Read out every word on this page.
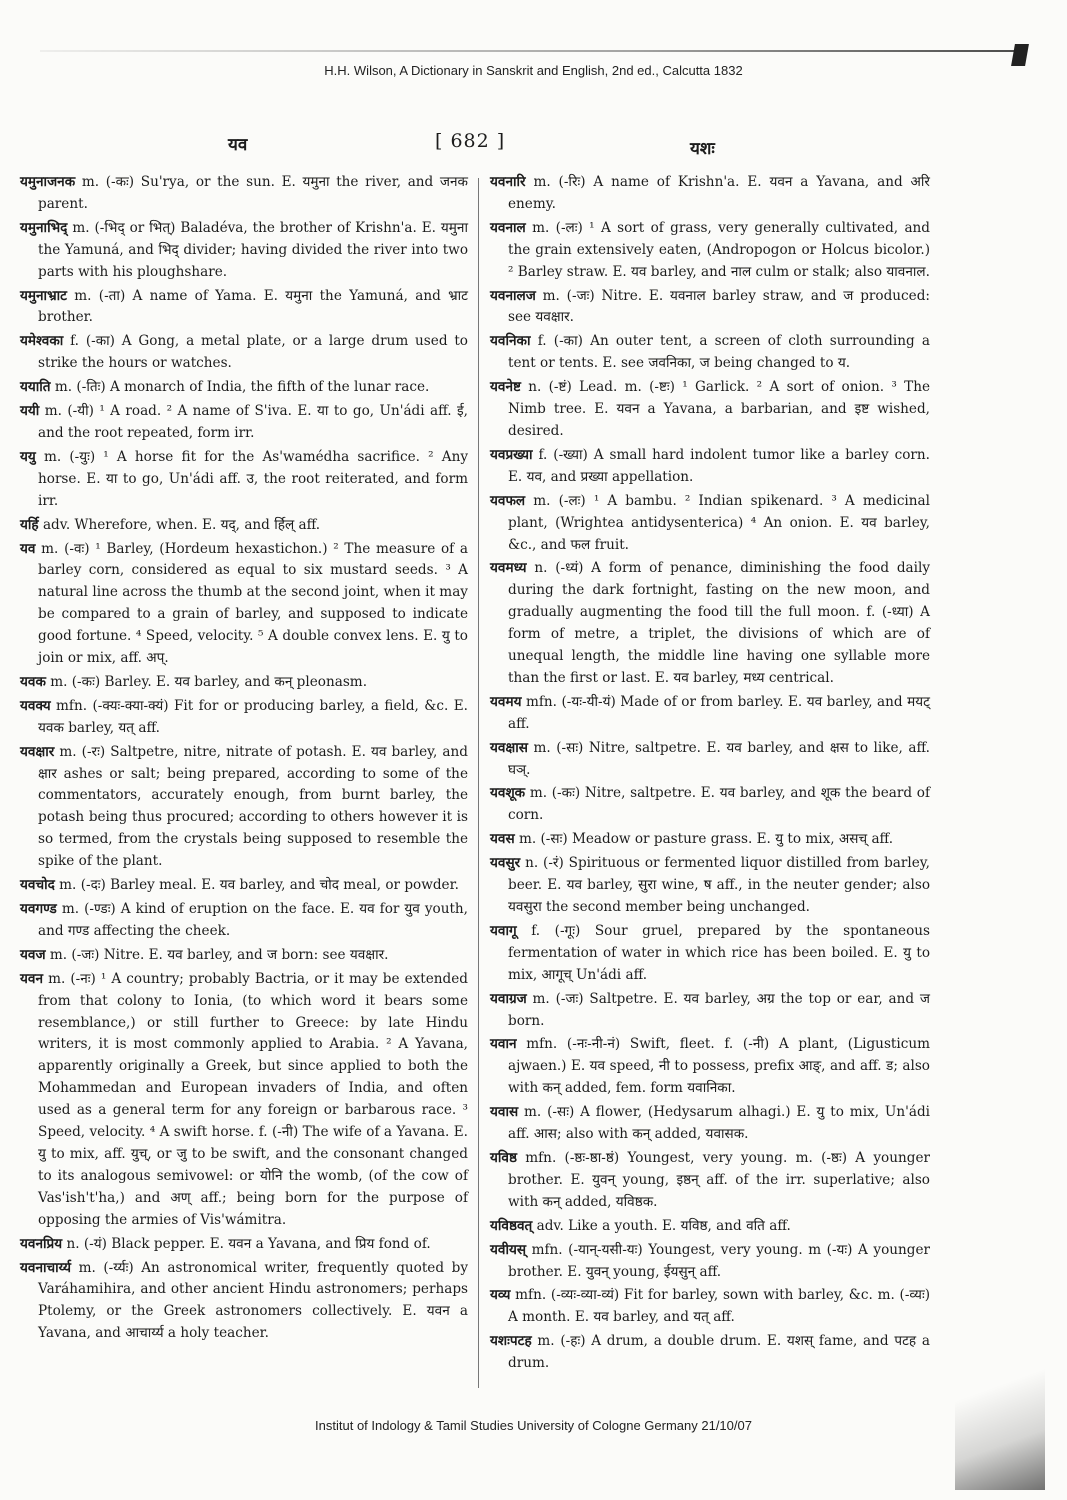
H.H. Wilson, A Dictionary in Sanskrit and English, 2nd ed., Calcutta 1832
यव	[ 682 ]	यशः

यमुनाजनक m. (-कः) Su'rya, or the sun. E. यमुना the river, and जनक parent.

यमुनाभिद् m. (-भिद् or भित्) Baladéva, the brother of Krishn'a. E. यमुना the Yamuná, and भिद् divider; having divided the river into two parts with his ploughshare.

यमुनाभ्राट m. (-ता) A name of Yama. E. यमुना the Yamuná, and भ्राट brother.

यमेश्वका f. (-का) A Gong, a metal plate, or a large drum used to strike the hours or watches.

ययाति m. (-तिः) A monarch of India, the fifth of the lunar race.

ययी m. (-यी) ¹ A road. ² A name of S'iva. E. या to go, Un'ádi aff. ई, and the root repeated, form irr.

ययु m. (-युः) ¹ A horse fit for the As'wamédha sacrifice. ² Any horse. E. या to go, Un'ádi aff. उ, the root reiterated, and form irr.

यर्हि adv. Wherefore, when. E. यद्, and र्हिल् aff.

यव m. (-वः) ¹ Barley, (Hordeum hexastichon.) ² The measure of a barley corn, considered as equal to six mustard seeds. ³ A natural line across the thumb at the second joint, when it may be compared to a grain of barley, and supposed to indicate good fortune. ⁴ Speed, velocity. ⁵ A double convex lens. E. यु to join or mix, aff. अप्.

यवक m. (-कः) Barley. E. यव barley, and कन् pleonasm.

यवक्य mfn. (-क्यः-क्या-क्यं) Fit for or producing barley, a field, &c. E. यवक barley, यत् aff.

यवक्षार m. (-रः) Saltpetre, nitre, nitrate of potash. E. यव barley, and क्षार ashes or salt; being prepared, according to some of the commentators, accurately enough, from burnt barley, the potash being thus procured; according to others however it is so termed, from the crystals being supposed to resemble the spike of the plant.

यवचोद m. (-दः) Barley meal. E. यव barley, and चोद meal, or powder.

यवगण्ड m. (-ण्डः) A kind of eruption on the face. E. यव for युव youth, and गण्ड affecting the cheek.

यवज m. (-जः) Nitre. E. यव barley, and ज born: see यवक्षार.

यवन m. (-नः) ¹ A country; probably Bactria, or it may be extended from that colony to Ionia, (to which word it bears some resemblance,) or still further to Greece: by late Hindu writers, it is most commonly applied to Arabia. ² A Yavana, apparently originally a Greek, but since applied to both the Mohammedan and European invaders of India, and often used as a general term for any foreign or barbarous race. ³ Speed, velocity. ⁴ A swift horse. f. (-नी) The wife of a Yavana. E. यु to mix, aff. युच्, or जु to be swift, and the consonant changed to its analogous semivowel: or योनि the womb, (of the cow of Vas'ish't'ha,) and अण् aff.; being born for the purpose of opposing the armies of Vis'wámitra.

यवनप्रिय n. (-यं) Black pepper. E. यवन a Yavana, and प्रिय fond of.

यवनाचार्य्य m. (-र्य्यः) An astronomical writer, frequently quoted by Varáhamihira, and other ancient Hindu astronomers; perhaps Ptolemy, or the Greek astronomers collectively. E. यवन a Yavana, and आचार्य्य a holy teacher.

यवनारि m. (-रिः) A name of Krishn'a. E. यवन a Yavana, and अरि enemy.

यवनाल m. (-लः) ¹ A sort of grass, very generally cultivated, and the grain extensively eaten, (Andropogon or Holcus bicolor.) ² Barley straw. E. यव barley, and नाल culm or stalk; also यावनाल.

यवनालज m. (-जः) Nitre. E. यवनाल barley straw, and ज produced: see यवक्षार.

यवनिका f. (-का) An outer tent, a screen of cloth surrounding a tent or tents. E. see जवनिका, ज being changed to य.

यवनेष्ट n. (-ष्टं) Lead. m. (-ष्टः) ¹ Garlick. ² A sort of onion. ³ The Nimb tree. E. यवन a Yavana, a barbarian, and इष्ट wished, desired.

यवप्रख्या f. (-ख्या) A small hard indolent tumor like a barley corn. E. यव, and प्रख्या appellation.

यवफल m. (-लः) ¹ A bambu. ² Indian spikenard. ³ A medicinal plant, (Wrightea antidysenterica) ⁴ An onion. E. यव barley, &c., and फल fruit.

यवमध्य n. (-ध्यं) A form of penance, diminishing the food daily during the dark fortnight, fasting on the new moon, and gradually augmenting the food till the full moon. f. (-ध्या) A form of metre, a triplet, the divisions of which are of unequal length, the middle line having one syllable more than the first or last. E. यव barley, मध्य centrical.

यवमय mfn. (-यः-यी-यं) Made of or from barley. E. यव barley, and मयट् aff.

यवक्षास m. (-सः) Nitre, saltpetre. E. यव barley, and क्षस to like, aff. घञ्.

यवशूक m. (-कः) Nitre, saltpetre. E. यव barley, and शूक the beard of corn.

यवस m. (-सः) Meadow or pasture grass. E. यु to mix, असच् aff.

यवसुर n. (-रं) Spirituous or fermented liquor distilled from barley, beer. E. यव barley, सुरा wine, ष aff., in the neuter gender; also यवसुरा the second member being unchanged.

यवागू f. (-गूः) Sour gruel, prepared by the spontaneous fermentation of water in which rice has been boiled. E. यु to mix, आगूच् Un'ádi aff.

यवाग्रज m. (-जः) Saltpetre. E. यव barley, अग्र the top or ear, and ज born.

यवान mfn. (-नः-नी-नं) Swift, fleet. f. (-नी) A plant, (Ligusticum ajwaen.) E. यव speed, नी to possess, prefix आङ्, and aff. ड; also with कन् added, fem. form यवानिका.

यवास m. (-सः) A flower, (Hedysarum alhagi.) E. यु to mix, Un'ádi aff. आस; also with कन् added, यवासक.

यविष्ठ mfn. (-ष्ठः-ष्ठा-ष्ठं) Youngest, very young. m. (-ष्ठः) A younger brother. E. युवन् young, इष्ठन् aff. of the irr. superlative; also with कन् added, यविष्ठक.

यविष्ठवत् adv. Like a youth. E. यविष्ठ, and वति aff.

यवीयस् mfn. (-यान्-यसी-यः) Youngest, very young. m (-यः) A younger brother. E. युवन् young, ईयसुन् aff.

यव्य mfn. (-व्यः-व्या-व्यं) Fit for barley, sown with barley, &c. m. (-व्यः) A month. E. यव barley, and यत् aff.

यशःपटह m. (-हः) A drum, a double drum. E. यशस् fame, and पटह a drum.

Institut of Indology & Tamil Studies University of Cologne Germany 21/10/07
